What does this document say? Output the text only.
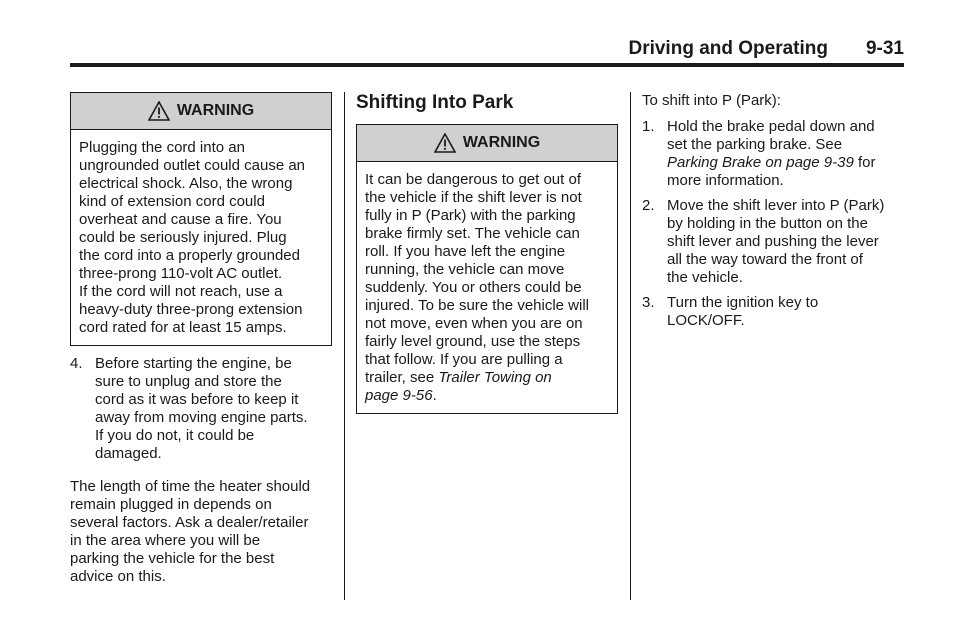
Driving and Operating 9-31
WARNING
Plugging the cord into an
ungrounded outlet could cause an
electrical shock. Also, the wrong
kind of extension cord could
overheat and cause a fire. You
could be seriously injured. Plug
the cord into a properly grounded
three-prong 110-volt AC outlet.
If the cord will not reach, use a
heavy-duty three-prong extension
cord rated for at least 15 amps.
4. Before starting the engine, be
sure to unplug and store the
cord as it was before to keep it
away from moving engine parts.
If you do not, it could be
damaged.
The length of time the heater should
remain plugged in depends on
several factors. Ask a dealer/retailer
in the area where you will be
parking the vehicle for the best
advice on this.
Shifting Into Park
WARNING
It can be dangerous to get out of
the vehicle if the shift lever is not
fully in P (Park) with the parking
brake firmly set. The vehicle can
roll. If you have left the engine
running, the vehicle can move
suddenly. You or others could be
injured. To be sure the vehicle will
not move, even when you are on
fairly level ground, use the steps
that follow. If you are pulling a
trailer, see Trailer Towing on
page 9-56.
To shift into P (Park):
1. Hold the brake pedal down and
set the parking brake. See
Parking Brake on page 9-39 for
more information.
2. Move the shift lever into P (Park)
by holding in the button on the
shift lever and pushing the lever
all the way toward the front of
the vehicle.
3. Turn the ignition key to
LOCK/OFF.
